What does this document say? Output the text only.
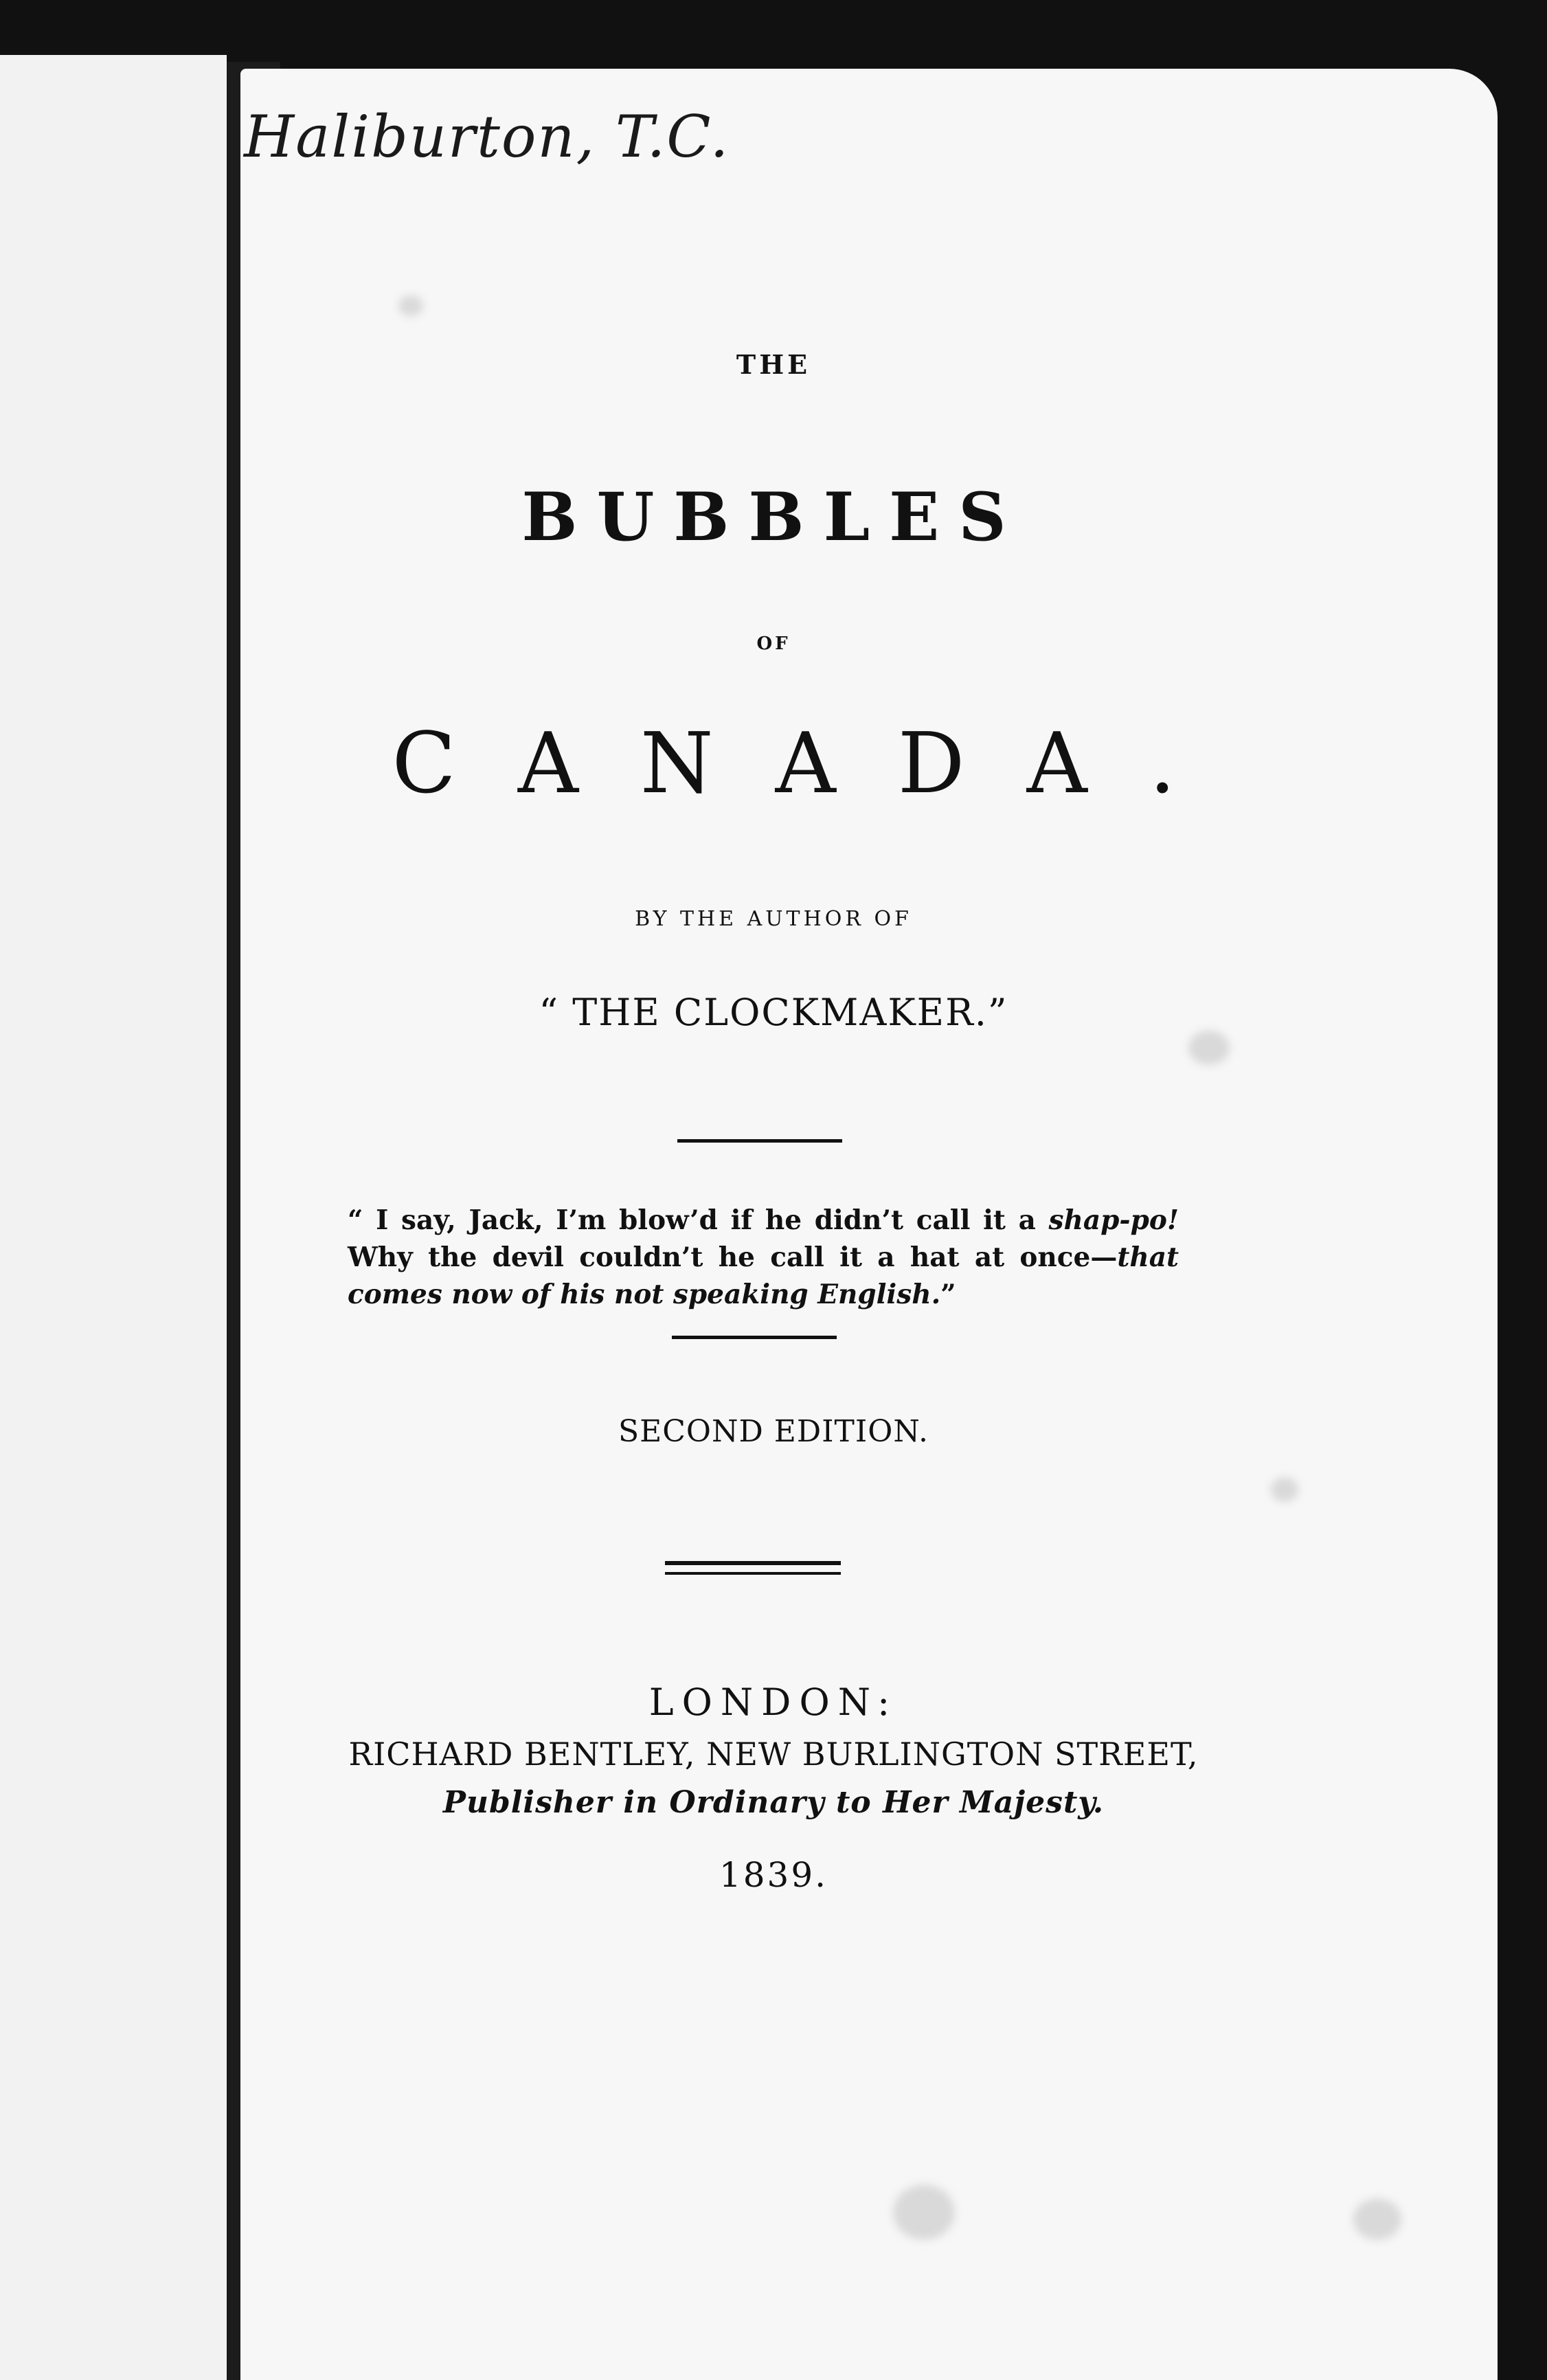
Haliburton, T.C.

THE

BUBBLES

OF

CANADA.

BY THE AUTHOR OF

“ THE CLOCKMAKER.”

“ I say, Jack, I’m blow’d if he didn’t call it a shap-po! Why the devil couldn’t he call it a hat at once—that comes now of his not speaking English.”

SECOND EDITION.

LONDON:

RICHARD BENTLEY, NEW BURLINGTON STREET,

Publisher in Ordinary to Her Majesty.

1839.
